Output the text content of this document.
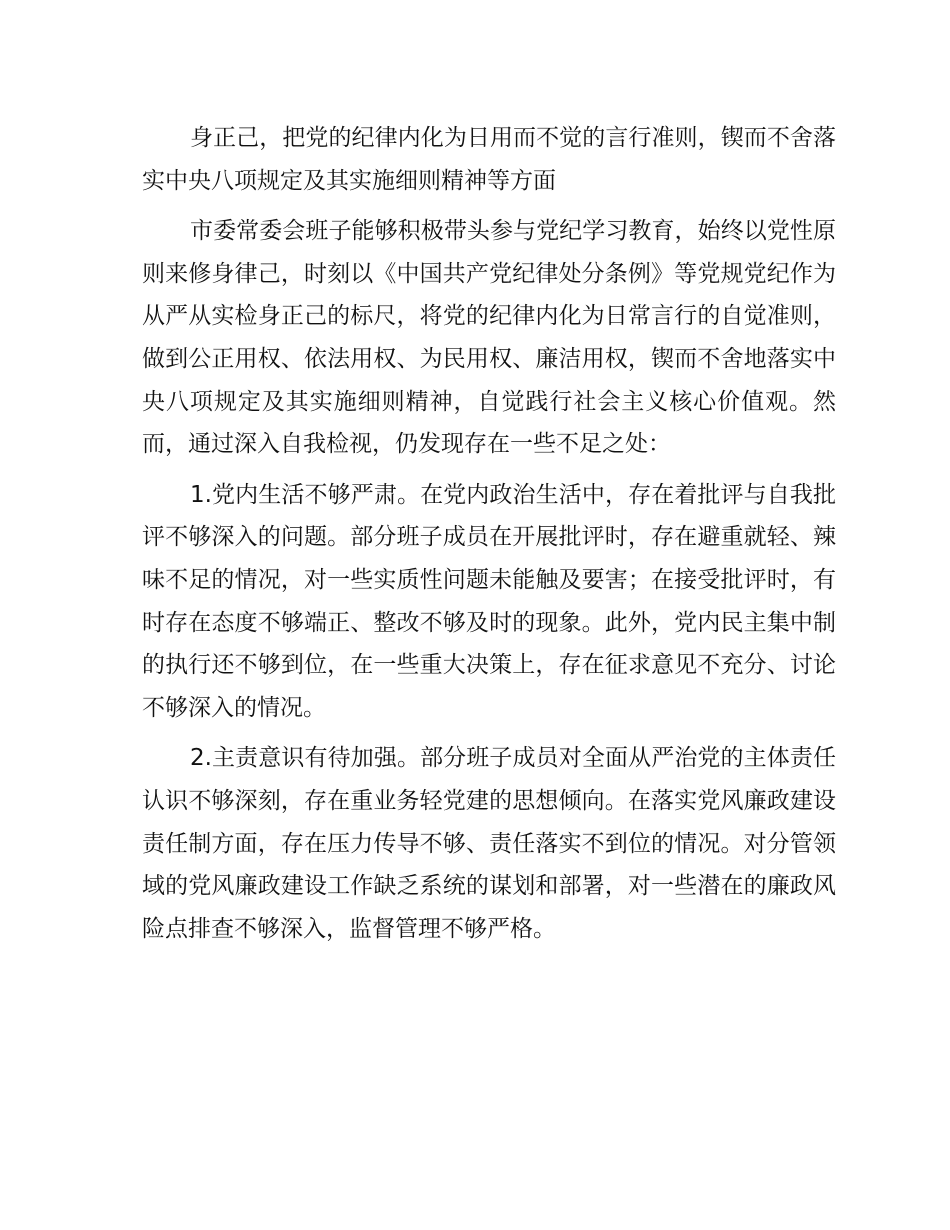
身正己，把党的纪律内化为日用而不觉的言行准则，锲而不舍落实中央八项规定及其实施细则精神等方面

市委常委会班子能够积极带头参与党纪学习教育，始终以党性原则来修身律己，时刻以《中国共产党纪律处分条例》等党规党纪作为从严从实检身正己的标尺，将党的纪律内化为日常言行的自觉准则，做到公正用权、依法用权、为民用权、廉洁用权，锲而不舍地落实中央八项规定及其实施细则精神，自觉践行社会主义核心价值观。然而，通过深入自我检视，仍发现存在一些不足之处：

1.党内生活不够严肃。在党内政治生活中，存在着批评与自我批评不够深入的问题。部分班子成员在开展批评时，存在避重就轻、辣味不足的情况，对一些实质性问题未能触及要害；在接受批评时，有时存在态度不够端正、整改不够及时的现象。此外，党内民主集中制的执行还不够到位，在一些重大决策上，存在征求意见不充分、讨论不够深入的情况。

2.主责意识有待加强。部分班子成员对全面从严治党的主体责任认识不够深刻，存在重业务轻党建的思想倾向。在落实党风廉政建设责任制方面，存在压力传导不够、责任落实不到位的情况。对分管领域的党风廉政建设工作缺乏系统的谋划和部署，对一些潜在的廉政风险点排查不够深入，监督管理不够严格。
